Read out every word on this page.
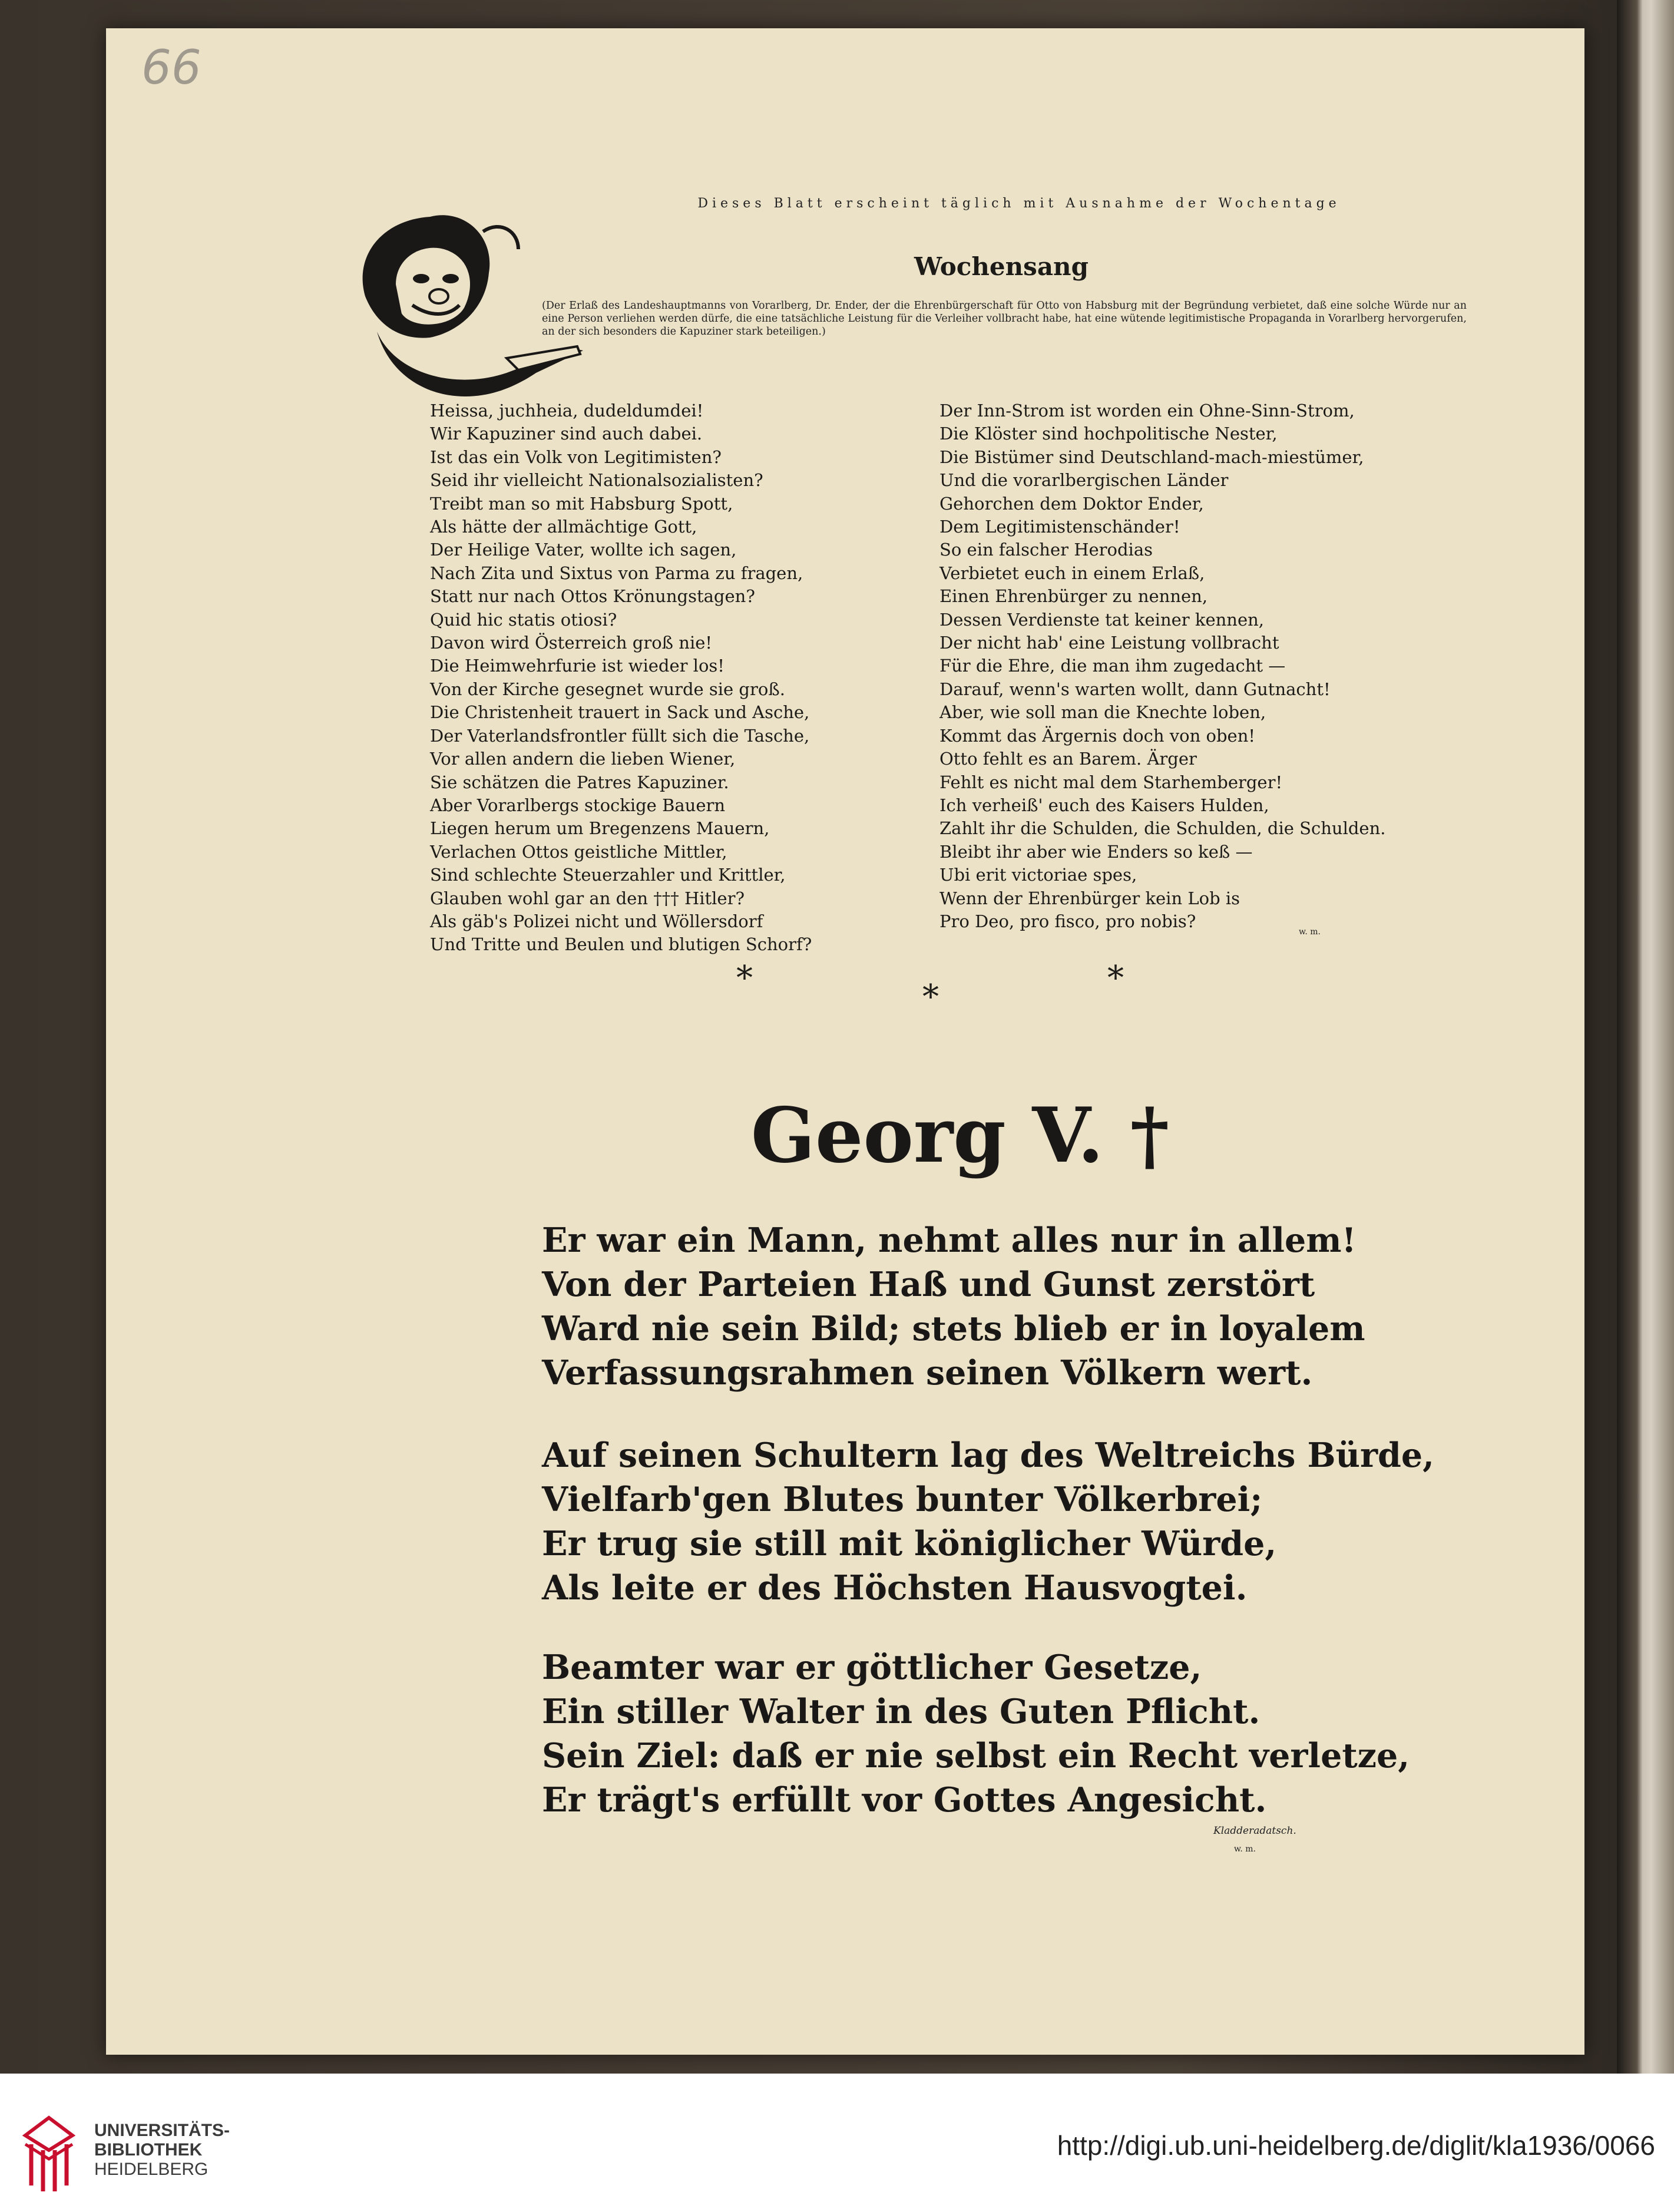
66
Dieses Blatt erscheint täglich mit Ausnahme der Wochentage
Wochensang
(Der Erlaß des Landeshauptmanns von Vorarlberg, Dr. Ender, der die Ehrenbürgerschaft für Otto von Habsburg mit der Begründung verbietet, daß eine solche Würde nur an eine Person verliehen werden dürfe, die eine tatsächliche Leistung für die Verleiher vollbracht habe, hat eine wütende legitimistische Propaganda in Vorarlberg hervorgerufen, an der sich besonders die Kapuziner stark beteiligen.)
Heissa, juchheia, dudeldumdei!
Wir Kapuziner sind auch dabei.
Ist das ein Volk von Legitimisten?
Seid ihr vielleicht Nationalsozialisten?
Treibt man so mit Habsburg Spott,
Als hätte der allmächtige Gott,
Der Heilige Vater, wollte ich sagen,
Nach Zita und Sixtus von Parma zu fragen,
Statt nur nach Ottos Krönungstagen?
Quid hic statis otiosi?
Davon wird Österreich groß nie!
Die Heimwehrfurie ist wieder los!
Von der Kirche gesegnet wurde sie groß.
Die Christenheit trauert in Sack und Asche,
Der Vaterlandsfrontler füllt sich die Tasche,
Vor allen andern die lieben Wiener,
Sie schätzen die Patres Kapuziner.
Aber Vorarlbergs stockige Bauern
Liegen herum um Bregenzens Mauern,
Verlachen Ottos geistliche Mittler,
Sind schlechte Steuerzahler und Krittler,
Glauben wohl gar an den ††† Hitler?
Als gäb's Polizei nicht und Wöllersdorf
Und Tritte und Beulen und blutigen Schorf?
Der Inn-Strom ist worden ein Ohne-Sinn-Strom,
Die Klöster sind hochpolitische Nester,
Die Bistümer sind Deutschland-mach-miestümer,
Und die vorarlbergischen Länder
Gehorchen dem Doktor Ender,
Dem Legitimistenschänder!
So ein falscher Herodias
Verbietet euch in einem Erlaß,
Einen Ehrenbürger zu nennen,
Dessen Verdienste tat keiner kennen,
Der nicht hab' eine Leistung vollbracht
Für die Ehre, die man ihm zugedacht —
Darauf, wenn's warten wollt, dann Gutnacht!
Aber, wie soll man die Knechte loben,
Kommt das Ärgernis doch von oben!
Otto fehlt es an Barem. Ärger
Fehlt es nicht mal dem Starhemberger!
Ich verheiß' euch des Kaisers Hulden,
Zahlt ihr die Schulden, die Schulden, die Schulden.
Bleibt ihr aber wie Enders so keß —
Ubi erit victoriae spes,
Wenn der Ehrenbürger kein Lob is
Pro Deo, pro fisco, pro nobis?
w. m.
*	*	*
Georg V. †
Er war ein Mann, nehmt alles nur in allem!
Von der Parteien Haß und Gunst zerstört
Ward nie sein Bild; stets blieb er in loyalem
Verfassungsrahmen seinen Völkern wert.
Auf seinen Schultern lag des Weltreichs Bürde,
Vielfarb'gen Blutes bunter Völkerbrei;
Er trug sie still mit königlicher Würde,
Als leite er des Höchsten Hausvogtei.
Beamter war er göttlicher Gesetze,
Ein stiller Walter in des Guten Pflicht.
Sein Ziel: daß er nie selbst ein Recht verletze,
Er trägt's erfüllt vor Gottes Angesicht.
Kladderadatsch.
w. m.
UNIVERSITÄTS-
BIBLIOTHEK
HEIDELBERG
http://digi.ub.uni-heidelberg.de/diglit/kla1936/0066
